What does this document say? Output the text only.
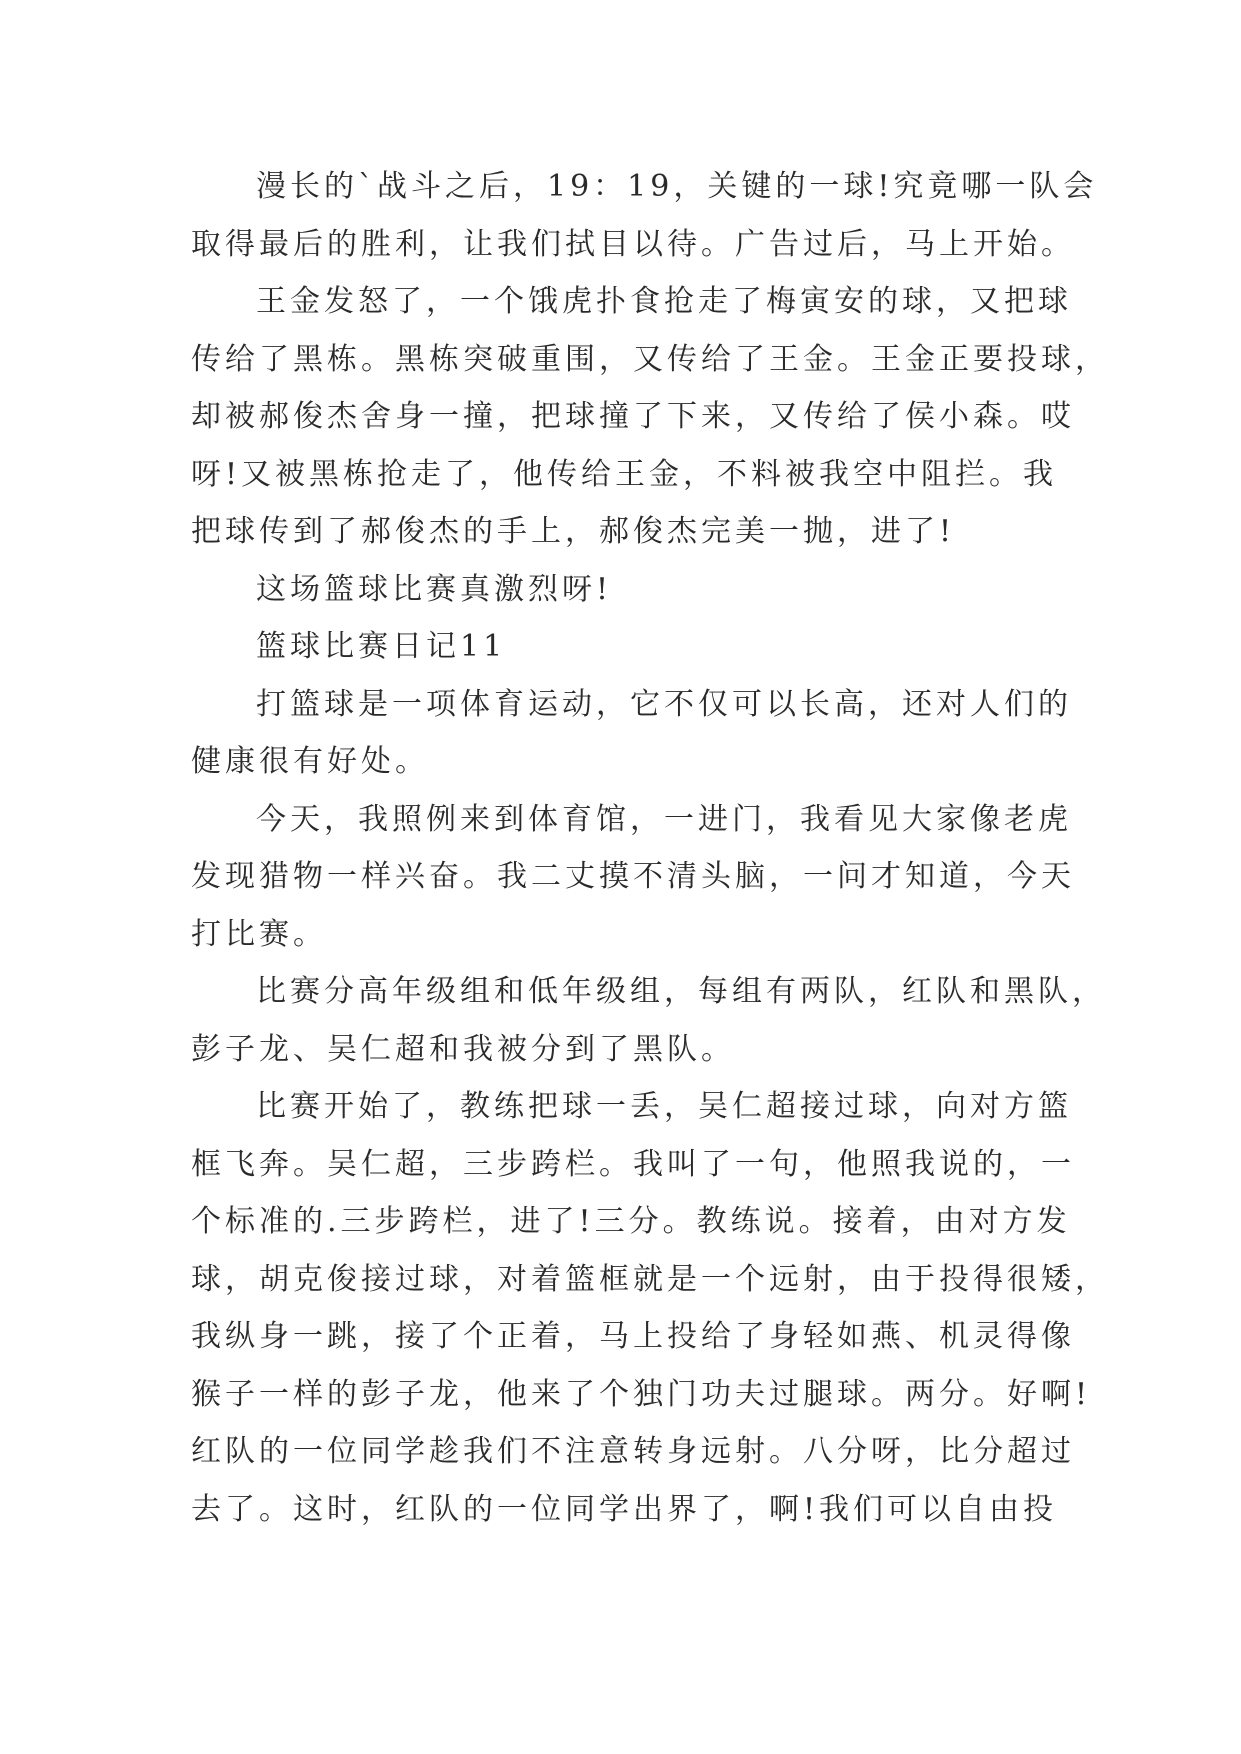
漫长的`战斗之后，19：19，关键的一球!究竟哪一队会
取得最后的胜利，让我们拭目以待。广告过后，马上开始。
王金发怒了，一个饿虎扑食抢走了梅寅安的球，又把球
传给了黑栋。黑栋突破重围，又传给了王金。王金正要投球，
却被郝俊杰舍身一撞，把球撞了下来，又传给了侯小森。哎
呀!又被黑栋抢走了，他传给王金，不料被我空中阻拦。我
把球传到了郝俊杰的手上，郝俊杰完美一抛，进了!
这场篮球比赛真激烈呀!
篮球比赛日记11
打篮球是一项体育运动，它不仅可以长高，还对人们的
健康很有好处。
今天，我照例来到体育馆，一进门，我看见大家像老虎
发现猎物一样兴奋。我二丈摸不清头脑，一问才知道，今天
打比赛。
比赛分高年级组和低年级组，每组有两队，红队和黑队，
彭子龙、吴仁超和我被分到了黑队。
比赛开始了，教练把球一丢，吴仁超接过球，向对方篮
框飞奔。吴仁超，三步跨栏。我叫了一句，他照我说的，一
个标准的.三步跨栏，进了!三分。教练说。接着，由对方发
球，胡克俊接过球，对着篮框就是一个远射，由于投得很矮，
我纵身一跳，接了个正着，马上投给了身轻如燕、机灵得像
猴子一样的彭子龙，他来了个独门功夫过腿球。两分。好啊!
红队的一位同学趁我们不注意转身远射。八分呀，比分超过
去了。这时，红队的一位同学出界了，啊!我们可以自由投
